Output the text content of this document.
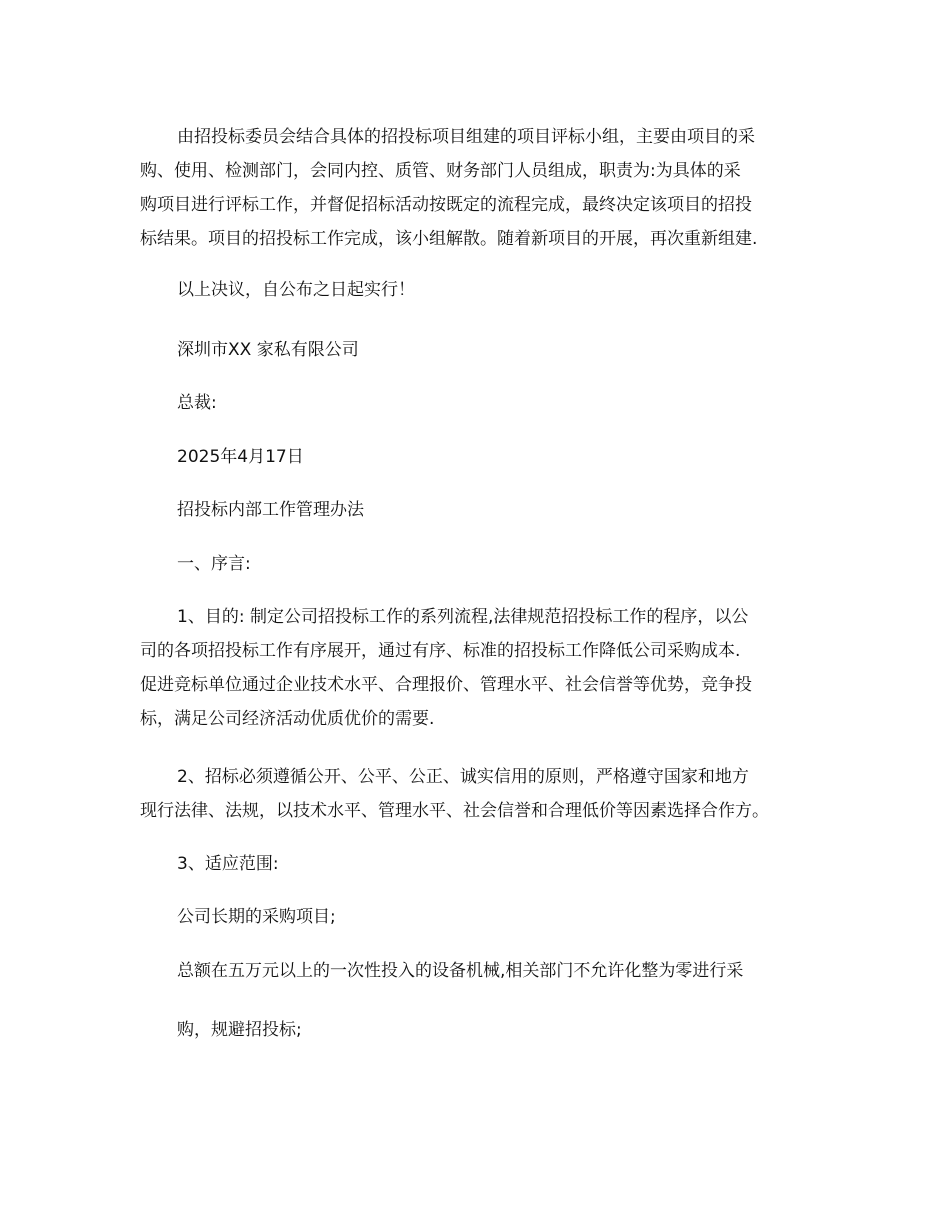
由招投标委员会结合具体的招投标项目组建的项目评标小组，主要由项目的采
购、使用、检测部门，会同内控、质管、财务部门人员组成，职责为:为具体的采
购项目进行评标工作，并督促招标活动按既定的流程完成，最终决定该项目的招投
标结果。项目的招投标工作完成，该小组解散。随着新项目的开展，再次重新组建.
以上决议，自公布之日起实行！
深圳市XX 家私有限公司
总裁:
2025年4月17日
招投标内部工作管理办法
一、序言:
1、目的: 制定公司招投标工作的系列流程,法律规范招投标工作的程序，以公
司的各项招投标工作有序展开，通过有序、标准的招投标工作降低公司采购成本.
促进竞标单位通过企业技术水平、合理报价、管理水平、社会信誉等优势，竞争投
标，满足公司经济活动优质优价的需要.
2、招标必须遵循公开、公平、公正、诚实信用的原则，严格遵守国家和地方
现行法律、法规，以技术水平、管理水平、社会信誉和合理低价等因素选择合作方。
3、适应范围:
公司长期的采购项目;
总额在五万元以上的一次性投入的设备机械,相关部门不允许化整为零进行采
购，规避招投标;
